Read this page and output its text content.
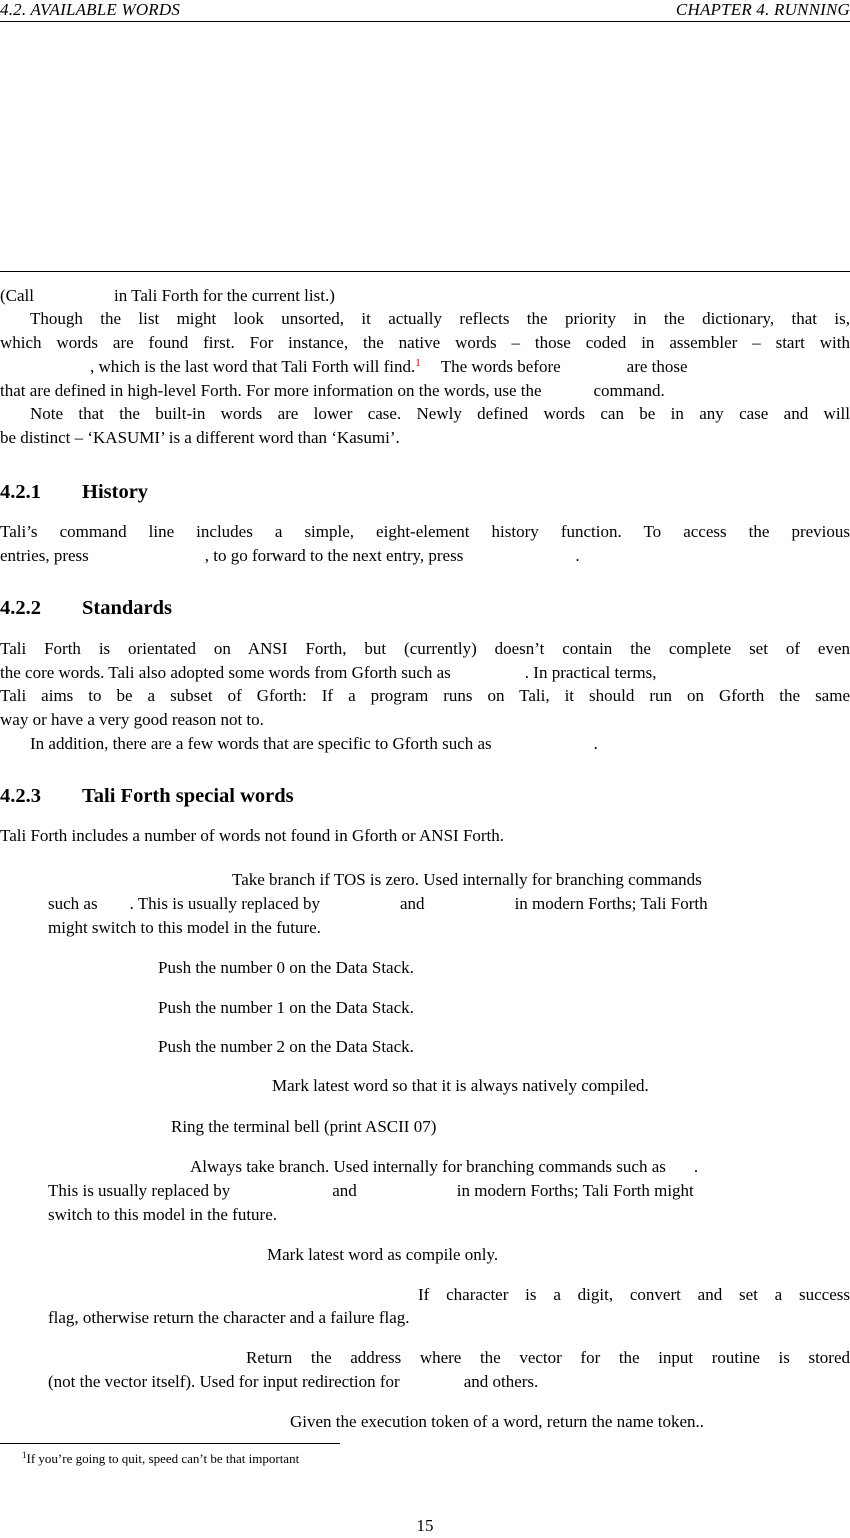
4.2. AVAILABLE WORDS	CHAPTER 4. RUNNING
(Call	in Tali Forth for the current list.)
Though the list might look unsorted, it actually reflects the priority in the dictionary, that is,
which words are found first. For instance, the native words – those coded in assembler – start with
, which is the last word that Tali Forth will find.$^1$ The words before	are those
that are defined in high-level Forth. For more information on the words, use the	command.
Note that the built-in words are lower case. Newly defined words can be in any case and will
be distinct – ‘KASUMI’ is a different word than ‘Kasumi’.
4.2.1 History
Tali’s command line includes a simple, eight-element history function. To access the previous
entries, press	, to go forward to the next entry, press	.
4.2.2 Standards
Tali Forth is orientated on ANSI Forth, but (currently) doesn’t contain the complete set of even
the core words. Tali also adopted some words from Gforth such as	. In practical terms,
Tali aims to be a subset of Gforth: If a program runs on Tali, it should run on Gforth the same
way or have a very good reason not to.
In addition, there are a few words that are specific to Gforth such as	.
4.2.3 Tali Forth special words
Tali Forth includes a number of words not found in Gforth or ANSI Forth.
Take branch if TOS is zero. Used internally for branching commands
such as . This is usually replaced by	and	in modern Forths; Tali Forth
might switch to this model in the future.
Push the number 0 on the Data Stack.
Push the number 1 on the Data Stack.
Push the number 2 on the Data Stack.
Mark latest word so that it is always natively compiled.
Ring the terminal bell (print ASCII 07)
Always take branch. Used internally for branching commands such as .
This is usually replaced by	and	in modern Forths; Tali Forth might
switch to this model in the future.
Mark latest word as compile only.
If character is a digit, convert and set a success
flag, otherwise return the character and a failure flag.
Return the address where the vector for the input routine is stored
(not the vector itself). Used for input redirection for	and others.
Given the execution token of a word, return the name token..
$^1$If you’re going to quit, speed can’t be that important
15
